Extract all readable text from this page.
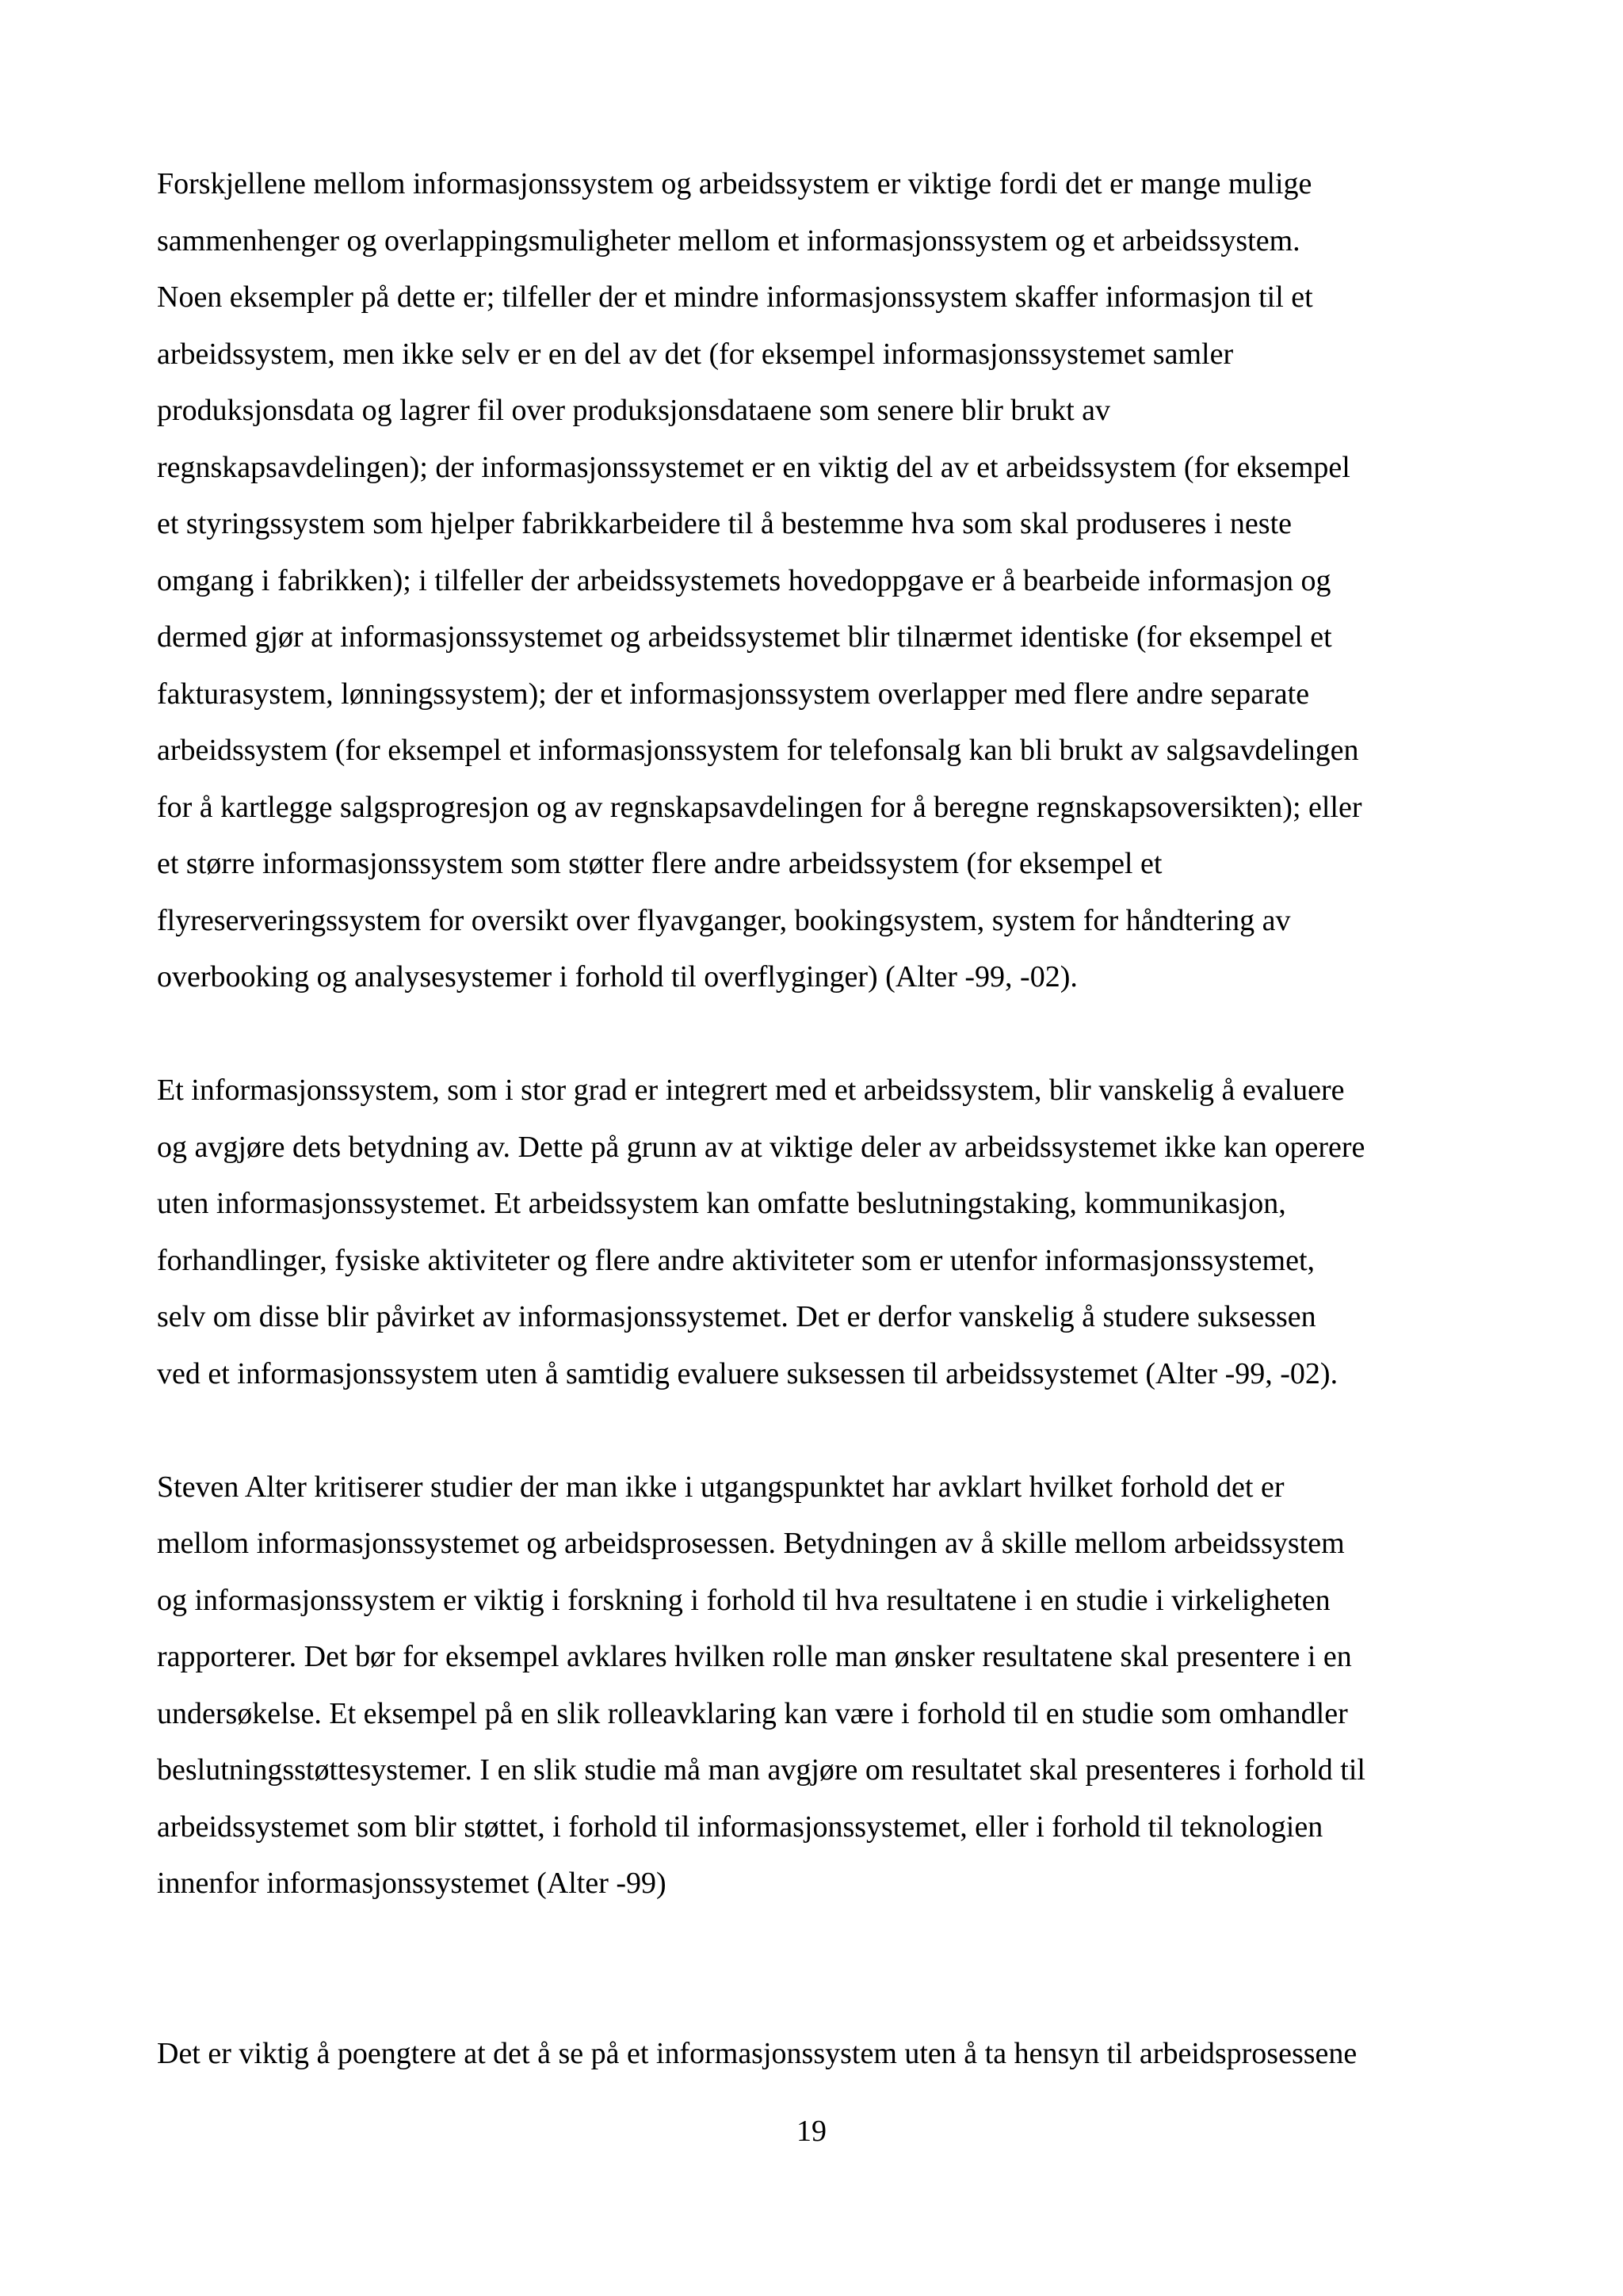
Forskjellene mellom informasjonssystem og arbeidssystem er viktige fordi det er mange mulige
sammenhenger og overlappingsmuligheter mellom et informasjonssystem og et arbeidssystem.
Noen eksempler på dette er; tilfeller der et mindre informasjonssystem skaffer informasjon til et
arbeidssystem, men ikke selv er en del av det (for eksempel informasjonssystemet samler
produksjonsdata og lagrer fil over produksjonsdataene som senere blir brukt av
regnskapsavdelingen); der informasjonssystemet er en viktig del av et arbeidssystem (for eksempel
et styringssystem som hjelper fabrikkarbeidere til å bestemme hva som skal produseres i neste
omgang i fabrikken); i tilfeller der arbeidssystemets hovedoppgave er å bearbeide informasjon og
dermed gjør at informasjonssystemet og arbeidssystemet blir tilnærmet identiske (for eksempel et
fakturasystem, lønningssystem); der et informasjonssystem overlapper med flere andre separate
arbeidssystem (for eksempel et informasjonssystem for telefonsalg kan bli brukt av salgsavdelingen
for å kartlegge salgsprogresjon og av regnskapsavdelingen for å beregne regnskapsoversikten); eller
et større informasjonssystem som støtter flere andre arbeidssystem (for eksempel et
flyreserveringssystem for oversikt over flyavganger, bookingsystem, system for håndtering av
overbooking og analysesystemer i forhold til overflyginger) (Alter -99, -02).

Et informasjonssystem, som i stor grad er integrert med et arbeidssystem, blir vanskelig å evaluere
og avgjøre dets betydning av. Dette på grunn av at viktige deler av arbeidssystemet ikke kan operere
uten informasjonssystemet. Et arbeidssystem kan omfatte beslutningstaking, kommunikasjon,
forhandlinger, fysiske aktiviteter og flere andre aktiviteter som er utenfor informasjonssystemet,
selv om disse blir påvirket av informasjonssystemet. Det er derfor vanskelig å studere suksessen
ved et informasjonssystem uten å samtidig evaluere suksessen til arbeidssystemet (Alter -99, -02).

Steven Alter kritiserer studier der man ikke i utgangspunktet har avklart hvilket forhold det er
mellom informasjonssystemet og arbeidsprosessen. Betydningen av å skille mellom arbeidssystem
og informasjonssystem er viktig i forskning i forhold til hva resultatene i en studie i virkeligheten
rapporterer. Det bør for eksempel avklares hvilken rolle man ønsker resultatene skal presentere i en
undersøkelse. Et eksempel på en slik rolleavklaring kan være i forhold til en studie som omhandler
beslutningsstøttesystemer. I en slik studie må man avgjøre om resultatet skal presenteres i forhold til
arbeidssystemet som blir støttet, i forhold til informasjonssystemet, eller i forhold til teknologien
innenfor informasjonssystemet (Alter -99)

Det er viktig å poengtere at det å se på et informasjonssystem uten å ta hensyn til arbeidsprosessene

19
